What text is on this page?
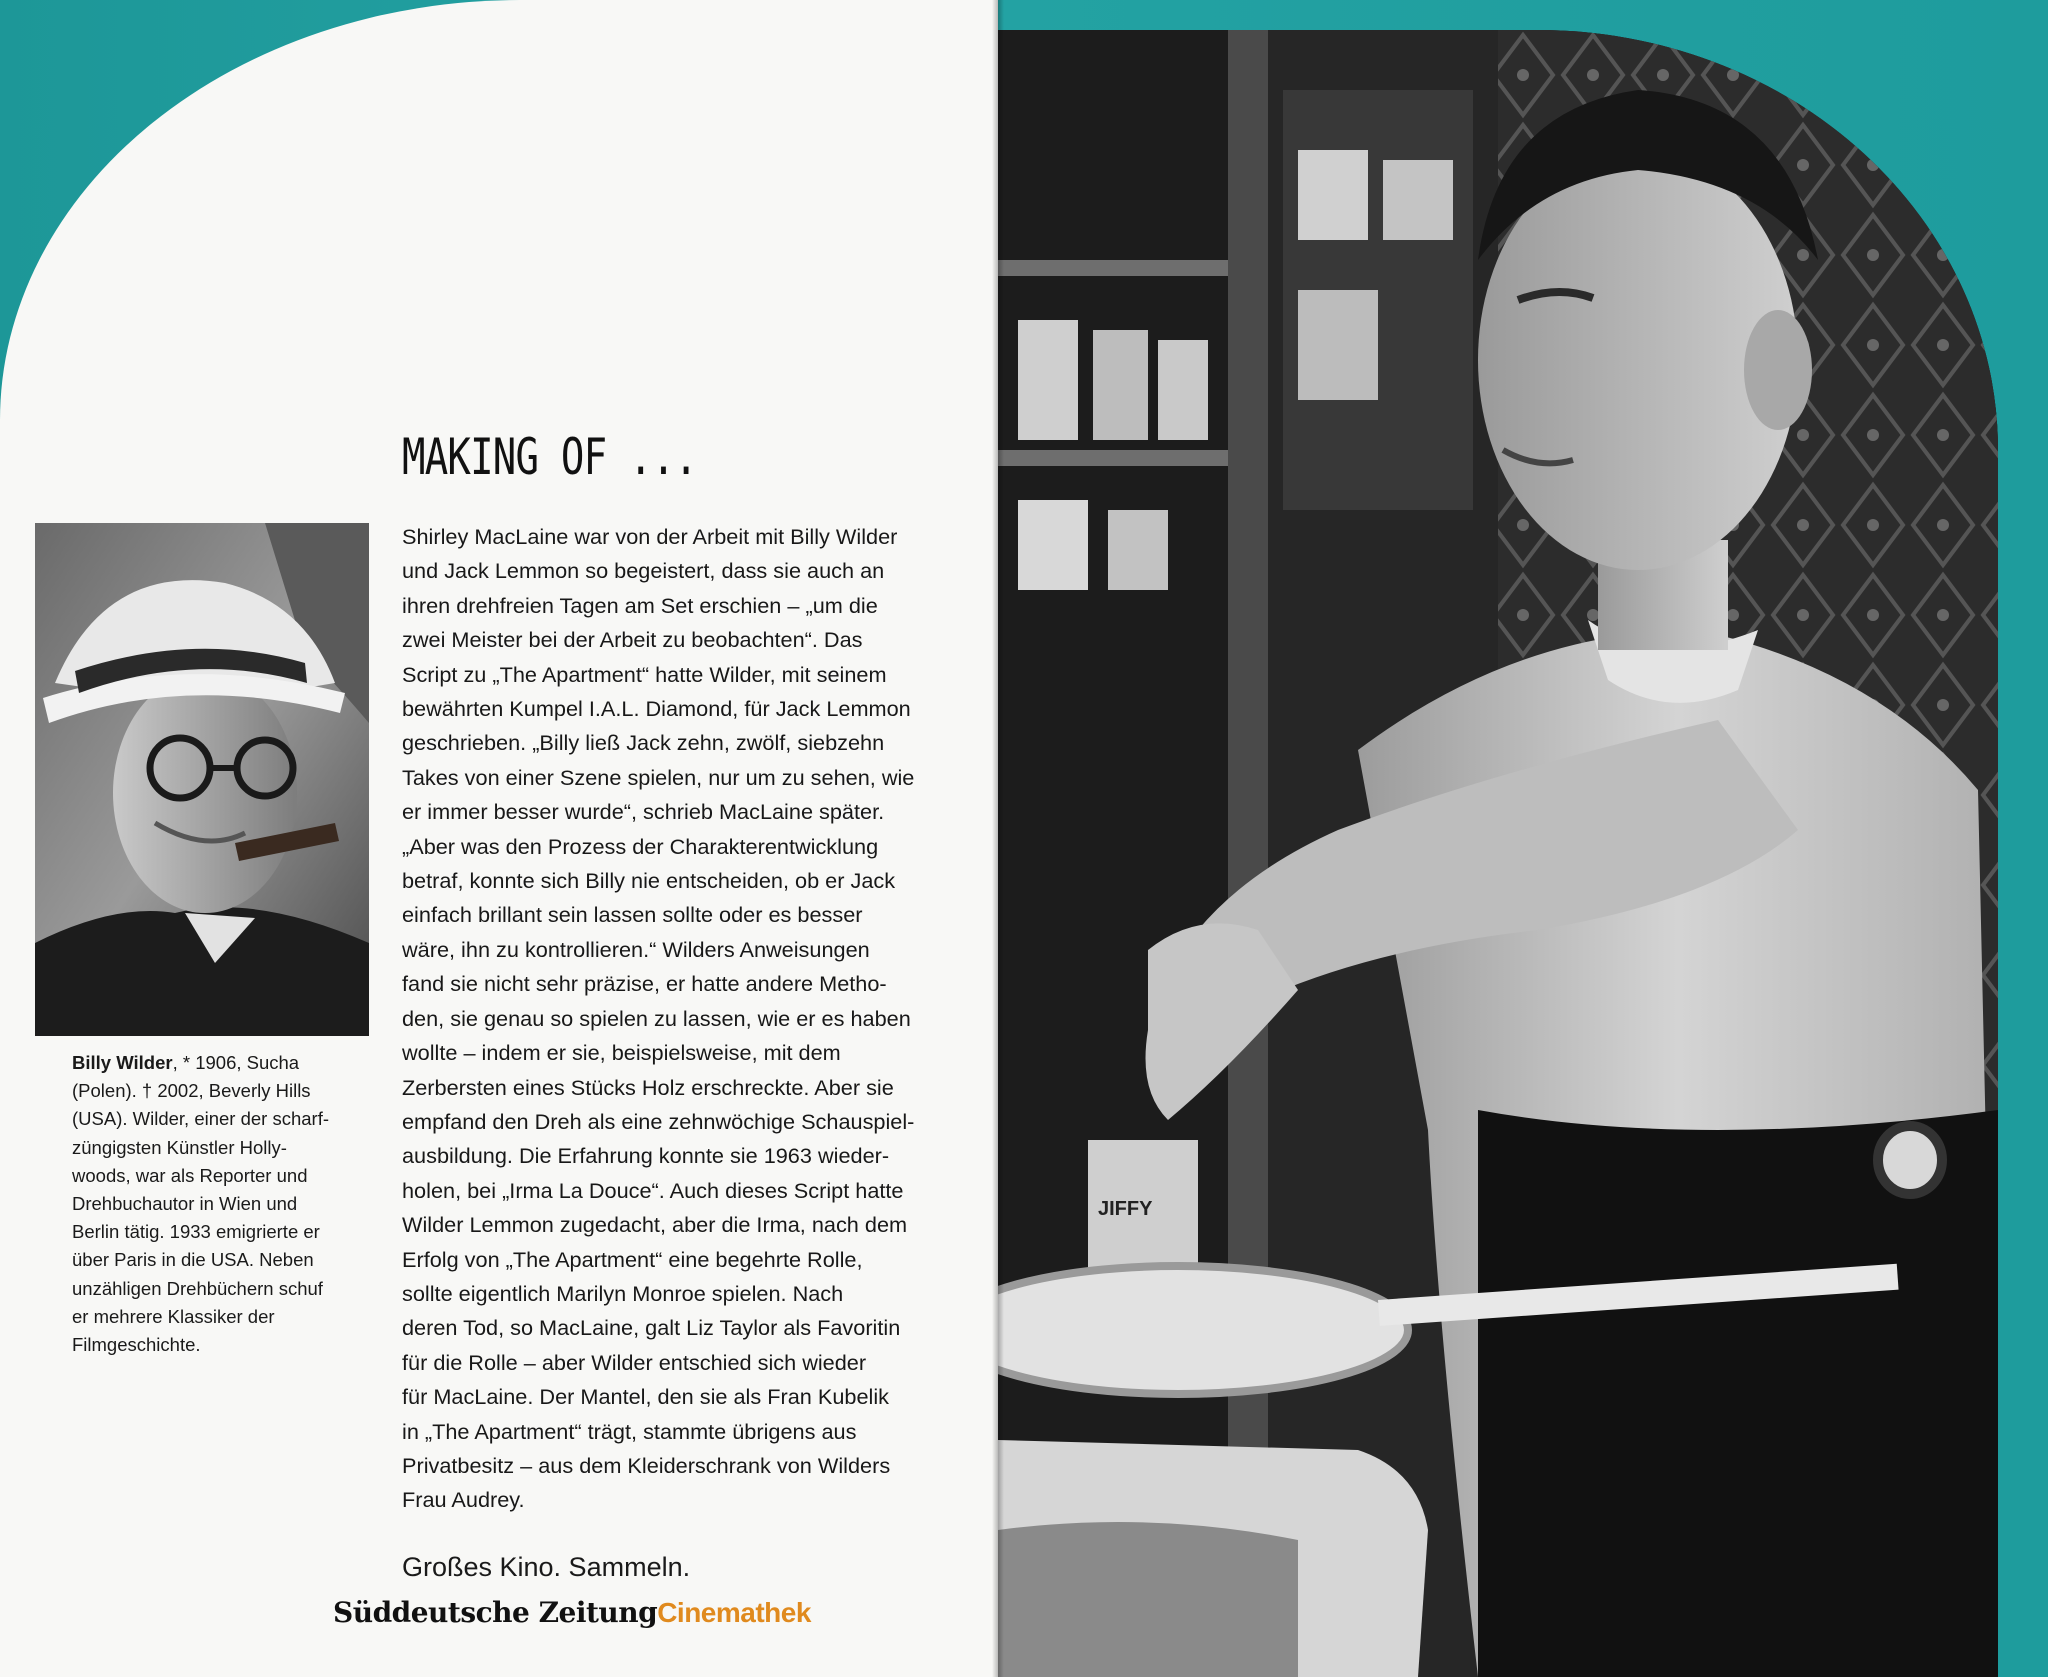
MAKING OF ...
Shirley MacLaine war von der Arbeit mit Billy Wilder
und Jack Lemmon so begeistert, dass sie auch an
ihren drehfreien Tagen am Set erschien – „um die
zwei Meister bei der Arbeit zu beobachten“. Das
Script zu „The Apartment“ hatte Wilder, mit seinem
bewährten Kumpel I.A.L. Diamond, für Jack Lemmon
geschrieben. „Billy ließ Jack zehn, zwölf, siebzehn
Takes von einer Szene spielen, nur um zu sehen, wie
er immer besser wurde“, schrieb MacLaine später.
„Aber was den Prozess der Charakterentwicklung
betraf, konnte sich Billy nie entscheiden, ob er Jack
einfach brillant sein lassen sollte oder es besser
wäre, ihn zu kontrollieren.“ Wilders Anweisungen
fand sie nicht sehr präzise, er hatte andere Metho-
den, sie genau so spielen zu lassen, wie er es haben
wollte – indem er sie, beispielsweise, mit dem
Zerbersten eines Stücks Holz erschreckte. Aber sie
empfand den Dreh als eine zehnwöchige Schauspiel-
ausbildung. Die Erfahrung konnte sie 1963 wieder-
holen, bei „Irma La Douce“. Auch dieses Script hatte
Wilder Lemmon zugedacht, aber die Irma, nach dem
Erfolg von „The Apartment“ eine begehrte Rolle,
sollte eigentlich Marilyn Monroe spielen. Nach
deren Tod, so MacLaine, galt Liz Taylor als Favoritin
für die Rolle – aber Wilder entschied sich wieder
für MacLaine. Der Mantel, den sie als Fran Kubelik
in „The Apartment“ trägt, stammte übrigens aus
Privatbesitz – aus dem Kleiderschrank von Wilders
Frau Audrey.
Billy Wilder, * 1906, Sucha
(Polen). † 2002, Beverly Hills
(USA). Wilder, einer der scharf-
züngigsten Künstler Holly-
woods, war als Reporter und
Drehbuchautor in Wien und
Berlin tätig. 1933 emigrierte er
über Paris in die USA. Neben
unzähligen Drehbüchern schuf
er mehrere Klassiker der
Filmgeschichte.
Großes Kino. Sammeln.
Süddeutsche ZeitungCinemathek
JIFFY
